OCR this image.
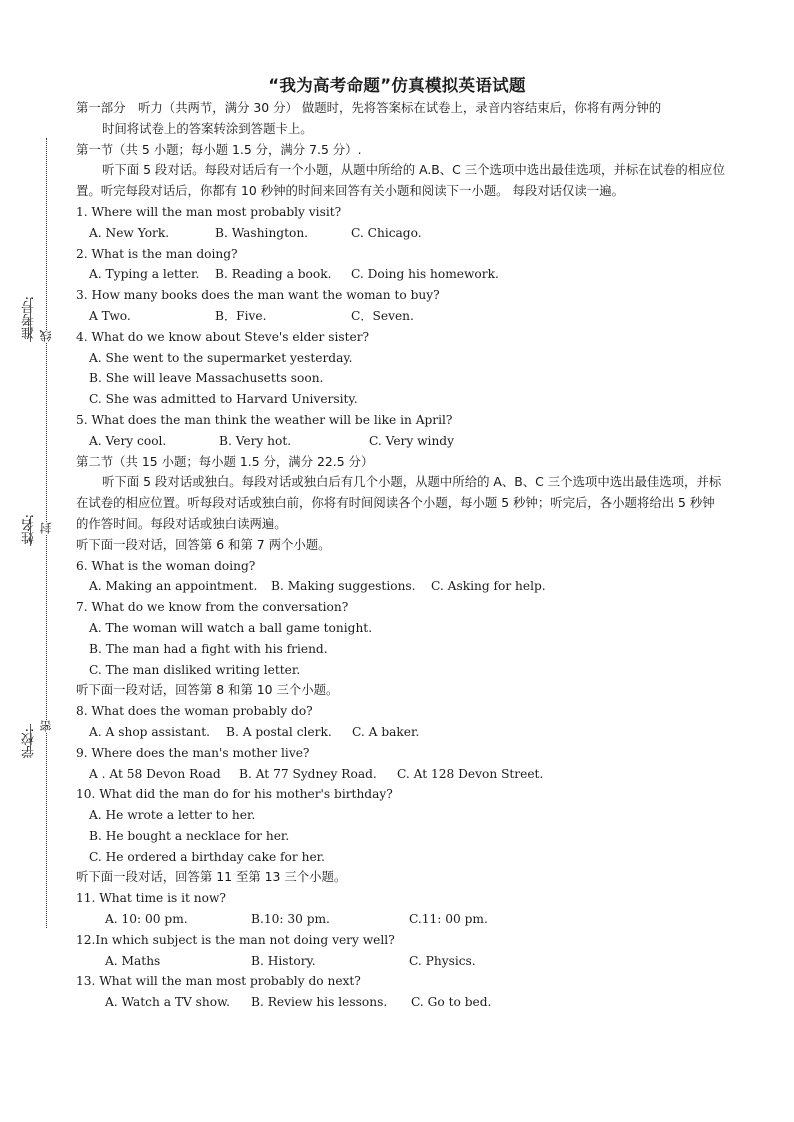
准考号: 线
姓名: 封
学校:
密
“我为高考命题”仿真模拟英语试题
第一部分　听力（共两节，满分 30 分） 做题时，先将答案标在试卷上，录音内容结束后，你将有两分钟的
时间将试卷上的答案转涂到答题卡上。
第一节（共 5 小题；每小题 1.5 分，满分 7.5 分）.
听下面 5 段对话。每段对话后有一个小题，从题中所给的 A.B、C 三个选项中选出最佳选项，并标在试卷的相应位置。听完每段对话后，你都有 10 秒钟的时间来回答有关小题和阅读下一小题。 每段对话仅读一遍。
1. Where will the man most probably visit?
A. New York.	B. Washington.	C. Chicago.
2. What is the man doing?
A. Typing a letter.	B. Reading a book.	C. Doing his homework.
3. How many books does the man want the woman to buy?
A Two.	B．Five.	C．Seven.
4. What do we know about Steve's elder sister?
A. She went to the supermarket yesterday.
B. She will leave Massachusetts soon.
C. She was admitted to Harvard University.
5. What does the man think the weather will be like in April?
A. Very cool.	B. Very hot.	C. Very windy
第二节（共 15 小题；每小题 1.5 分，满分 22.5 分）
听下面 5 段对话或独白。每段对话或独白后有几个小题，从题中所给的 A、B、C 三个选项中选出最佳选项，并标在试卷的相应位置。听每段对话或独白前，你将有时间阅读各个小题，每小题 5 秒钟；听完后，各小题将给出 5 秒钟的作答时间。每段对话或独白读两遍。
听下面一段对话，回答第 6 和第 7 两个小题。
6. What is the woman doing?
A. Making an appointment.	B. Making suggestions.	C. Asking for help.
7. What do we know from the conversation?
A. The woman will watch a ball game tonight.
B. The man had a fight with his friend.
C. The man disliked writing letter.
听下面一段对话，回答第 8 和第 10 三个小题。
8. What does the woman probably do?
A. A shop assistant.	B. A postal clerk.	C. A baker.
9. Where does the man's mother live?
A . At 58 Devon Road	B. At 77 Sydney Road.	C. At 128 Devon Street.
10. What did the man do for his mother's birthday?
A. He wrote a letter to her.
B. He bought a necklace for her.
C. He ordered a birthday cake for her.
听下面一段对话，回答第 11 至第 13 三个小题。
11. What time is it now?
A. 10: 00 pm.	B.10: 30 pm.	C.11: 00 pm.
12.In which subject is the man not doing very well?
A. Maths	B. History.	C. Physics.
13. What will the man most probably do next?
A. Watch a TV show.	B. Review his lessons.	C. Go to bed.
